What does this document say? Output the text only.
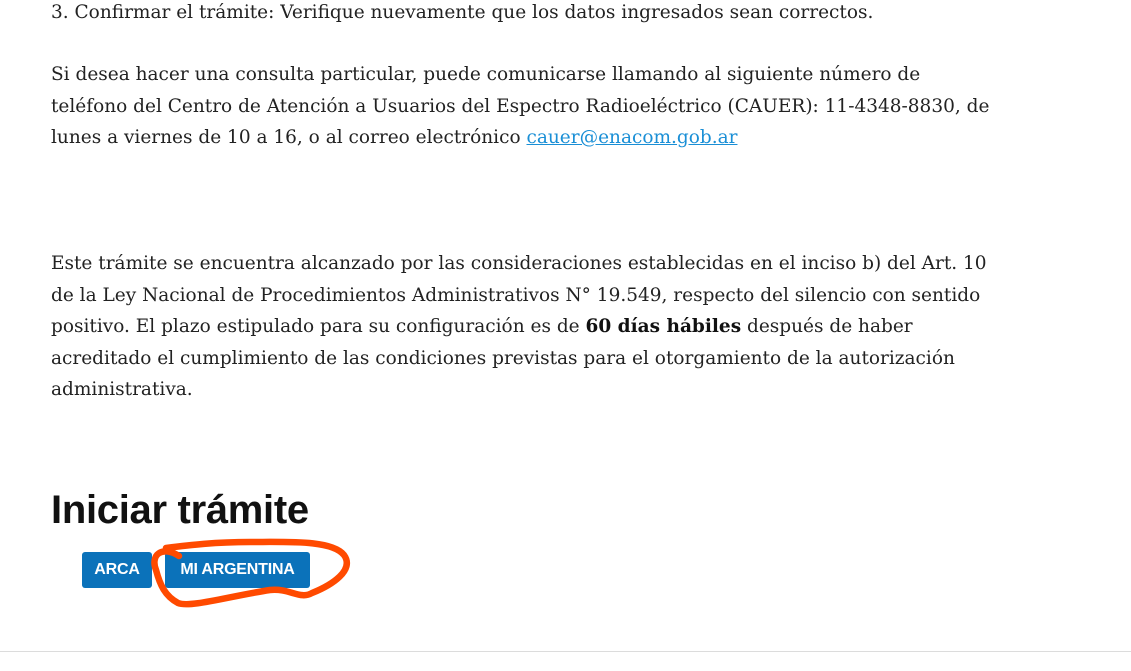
3. Confirmar el trámite: Verifique nuevamente que los datos ingresados sean correctos.

Si desea hacer una consulta particular, puede comunicarse llamando al siguiente número de teléfono del Centro de Atención a Usuarios del Espectro Radioeléctrico (CAUER): 11-4348-8830, de lunes a viernes de 10 a 16, o al correo electrónico cauer@enacom.gob.ar

Este trámite se encuentra alcanzado por las consideraciones establecidas en el inciso b) del Art. 10 de la Ley Nacional de Procedimientos Administrativos N° 19.549, respecto del silencio con sentido positivo. El plazo estipulado para su configuración es de 60 días hábiles después de haber acreditado el cumplimiento de las condiciones previstas para el otorgamiento de la autorización administrativa.

Iniciar trámite
ARCA	MI ARGENTINA
